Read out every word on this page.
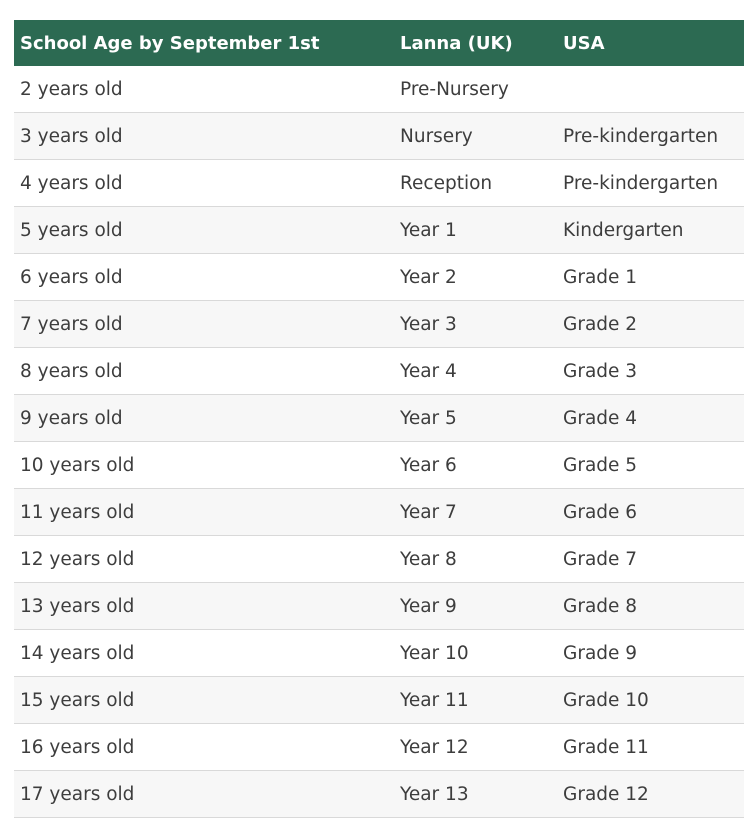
School Age by September 1st	Lanna (UK)	USA
2 years old	Pre-Nursery	
3 years old	Nursery	Pre-kindergarten
4 years old	Reception	Pre-kindergarten
5 years old	Year 1	Kindergarten
6 years old	Year 2	Grade 1
7 years old	Year 3	Grade 2
8 years old	Year 4	Grade 3
9 years old	Year 5	Grade 4
10 years old	Year 6	Grade 5
11 years old	Year 7	Grade 6
12 years old	Year 8	Grade 7
13 years old	Year 9	Grade 8
14 years old	Year 10	Grade 9
15 years old	Year 11	Grade 10
16 years old	Year 12	Grade 11
17 years old	Year 13	Grade 12
